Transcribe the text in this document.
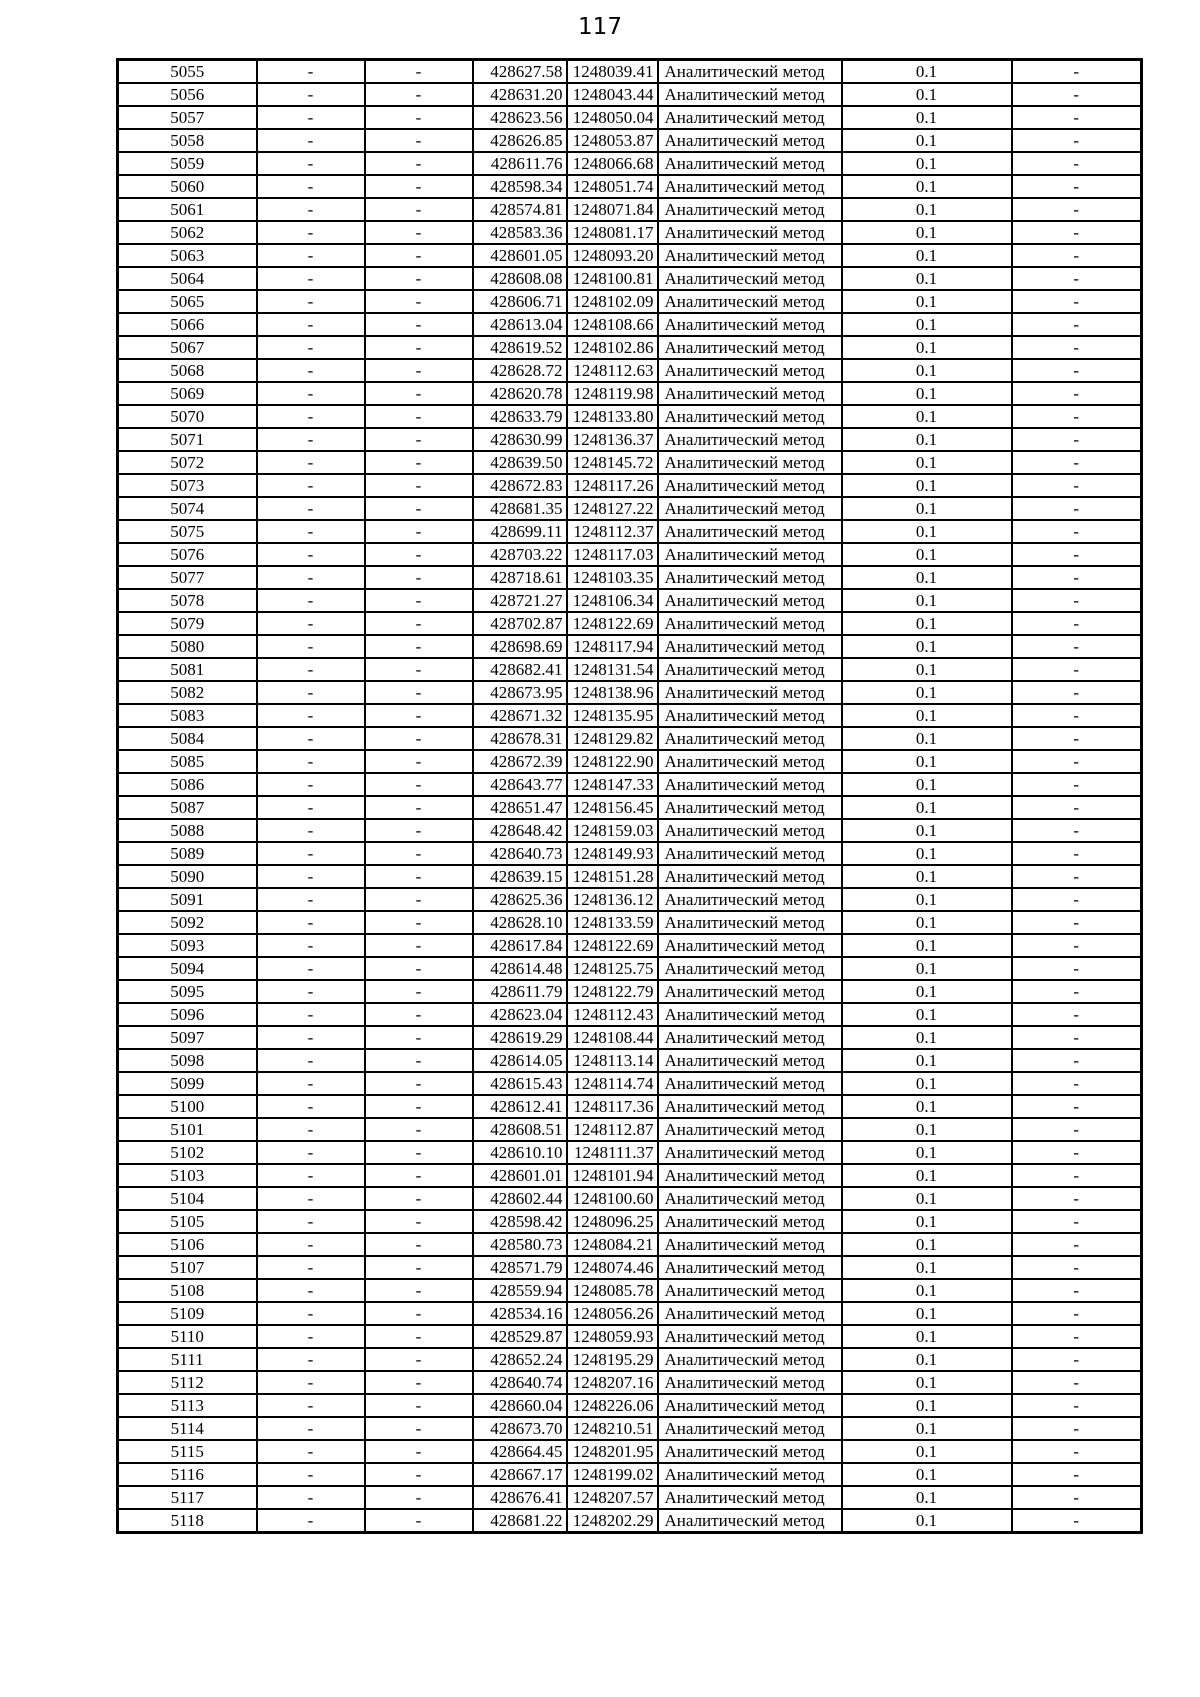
117
5055	-	-	428627.58	1248039.41	Аналитический метод	0.1	-
5056	-	-	428631.20	1248043.44	Аналитический метод	0.1	-
5057	-	-	428623.56	1248050.04	Аналитический метод	0.1	-
5058	-	-	428626.85	1248053.87	Аналитический метод	0.1	-
5059	-	-	428611.76	1248066.68	Аналитический метод	0.1	-
5060	-	-	428598.34	1248051.74	Аналитический метод	0.1	-
5061	-	-	428574.81	1248071.84	Аналитический метод	0.1	-
5062	-	-	428583.36	1248081.17	Аналитический метод	0.1	-
5063	-	-	428601.05	1248093.20	Аналитический метод	0.1	-
5064	-	-	428608.08	1248100.81	Аналитический метод	0.1	-
5065	-	-	428606.71	1248102.09	Аналитический метод	0.1	-
5066	-	-	428613.04	1248108.66	Аналитический метод	0.1	-
5067	-	-	428619.52	1248102.86	Аналитический метод	0.1	-
5068	-	-	428628.72	1248112.63	Аналитический метод	0.1	-
5069	-	-	428620.78	1248119.98	Аналитический метод	0.1	-
5070	-	-	428633.79	1248133.80	Аналитический метод	0.1	-
5071	-	-	428630.99	1248136.37	Аналитический метод	0.1	-
5072	-	-	428639.50	1248145.72	Аналитический метод	0.1	-
5073	-	-	428672.83	1248117.26	Аналитический метод	0.1	-
5074	-	-	428681.35	1248127.22	Аналитический метод	0.1	-
5075	-	-	428699.11	1248112.37	Аналитический метод	0.1	-
5076	-	-	428703.22	1248117.03	Аналитический метод	0.1	-
5077	-	-	428718.61	1248103.35	Аналитический метод	0.1	-
5078	-	-	428721.27	1248106.34	Аналитический метод	0.1	-
5079	-	-	428702.87	1248122.69	Аналитический метод	0.1	-
5080	-	-	428698.69	1248117.94	Аналитический метод	0.1	-
5081	-	-	428682.41	1248131.54	Аналитический метод	0.1	-
5082	-	-	428673.95	1248138.96	Аналитический метод	0.1	-
5083	-	-	428671.32	1248135.95	Аналитический метод	0.1	-
5084	-	-	428678.31	1248129.82	Аналитический метод	0.1	-
5085	-	-	428672.39	1248122.90	Аналитический метод	0.1	-
5086	-	-	428643.77	1248147.33	Аналитический метод	0.1	-
5087	-	-	428651.47	1248156.45	Аналитический метод	0.1	-
5088	-	-	428648.42	1248159.03	Аналитический метод	0.1	-
5089	-	-	428640.73	1248149.93	Аналитический метод	0.1	-
5090	-	-	428639.15	1248151.28	Аналитический метод	0.1	-
5091	-	-	428625.36	1248136.12	Аналитический метод	0.1	-
5092	-	-	428628.10	1248133.59	Аналитический метод	0.1	-
5093	-	-	428617.84	1248122.69	Аналитический метод	0.1	-
5094	-	-	428614.48	1248125.75	Аналитический метод	0.1	-
5095	-	-	428611.79	1248122.79	Аналитический метод	0.1	-
5096	-	-	428623.04	1248112.43	Аналитический метод	0.1	-
5097	-	-	428619.29	1248108.44	Аналитический метод	0.1	-
5098	-	-	428614.05	1248113.14	Аналитический метод	0.1	-
5099	-	-	428615.43	1248114.74	Аналитический метод	0.1	-
5100	-	-	428612.41	1248117.36	Аналитический метод	0.1	-
5101	-	-	428608.51	1248112.87	Аналитический метод	0.1	-
5102	-	-	428610.10	1248111.37	Аналитический метод	0.1	-
5103	-	-	428601.01	1248101.94	Аналитический метод	0.1	-
5104	-	-	428602.44	1248100.60	Аналитический метод	0.1	-
5105	-	-	428598.42	1248096.25	Аналитический метод	0.1	-
5106	-	-	428580.73	1248084.21	Аналитический метод	0.1	-
5107	-	-	428571.79	1248074.46	Аналитический метод	0.1	-
5108	-	-	428559.94	1248085.78	Аналитический метод	0.1	-
5109	-	-	428534.16	1248056.26	Аналитический метод	0.1	-
5110	-	-	428529.87	1248059.93	Аналитический метод	0.1	-
5111	-	-	428652.24	1248195.29	Аналитический метод	0.1	-
5112	-	-	428640.74	1248207.16	Аналитический метод	0.1	-
5113	-	-	428660.04	1248226.06	Аналитический метод	0.1	-
5114	-	-	428673.70	1248210.51	Аналитический метод	0.1	-
5115	-	-	428664.45	1248201.95	Аналитический метод	0.1	-
5116	-	-	428667.17	1248199.02	Аналитический метод	0.1	-
5117	-	-	428676.41	1248207.57	Аналитический метод	0.1	-
5118	-	-	428681.22	1248202.29	Аналитический метод	0.1	-
